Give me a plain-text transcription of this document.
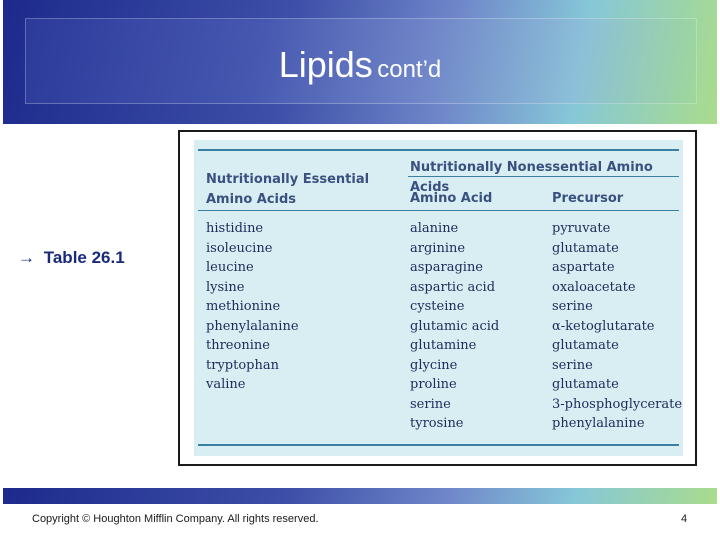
Lipids cont’d
→ Table 26.1
Nutritionally Essential
Amino Acids
Nutritionally Nonessential Amino Acids
Amino Acid	Precursor
histidine
isoleucine
leucine
lysine
methionine
phenylalanine
threonine
tryptophan
valine
alanine
arginine
asparagine
aspartic acid
cysteine
glutamic acid
glutamine
glycine
proline
serine
tyrosine
pyruvate
glutamate
aspartate
oxaloacetate
serine
α-ketoglutarate
glutamate
serine
glutamate
3-phosphoglycerate
phenylalanine
Copyright © Houghton Mifflin Company. All rights reserved.	4
